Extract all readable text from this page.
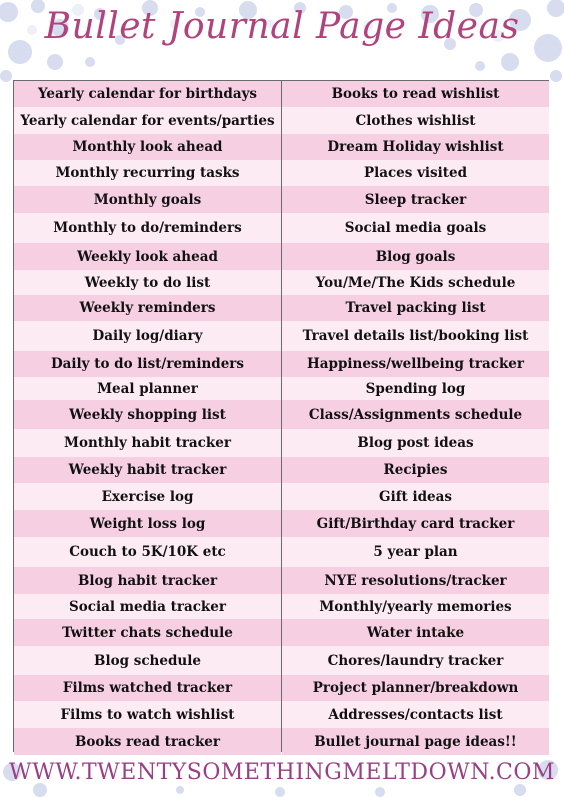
Bullet Journal Page Ideas
Yearly calendar for birthdays
Yearly calendar for events/parties
Monthly look ahead
Monthly recurring tasks
Monthly goals
Monthly to do/reminders
Weekly look ahead
Weekly to do list
Weekly reminders
Daily log/diary
Daily to do list/reminders
Meal planner
Weekly shopping list
Monthly habit tracker
Weekly habit tracker
Exercise log
Weight loss log
Couch to 5K/10K etc
Blog habit tracker
Social media tracker
Twitter chats schedule
Blog schedule
Films watched tracker
Films to watch wishlist
Books read tracker
Books to read wishlist
Clothes wishlist
Dream Holiday wishlist
Places visited
Sleep tracker
Social media goals
Blog goals
You/Me/The Kids schedule
Travel packing list
Travel details list/booking list
Happiness/wellbeing tracker
Spending log
Class/Assignments schedule
Blog post ideas
Recipies
Gift ideas
Gift/Birthday card tracker
5 year plan
NYE resolutions/tracker
Monthly/yearly memories
Water intake
Chores/laundry tracker
Project planner/breakdown
Addresses/contacts list
Bullet journal page ideas!!
WWW.TWENTYSOMETHINGMELTDOWN.COM
